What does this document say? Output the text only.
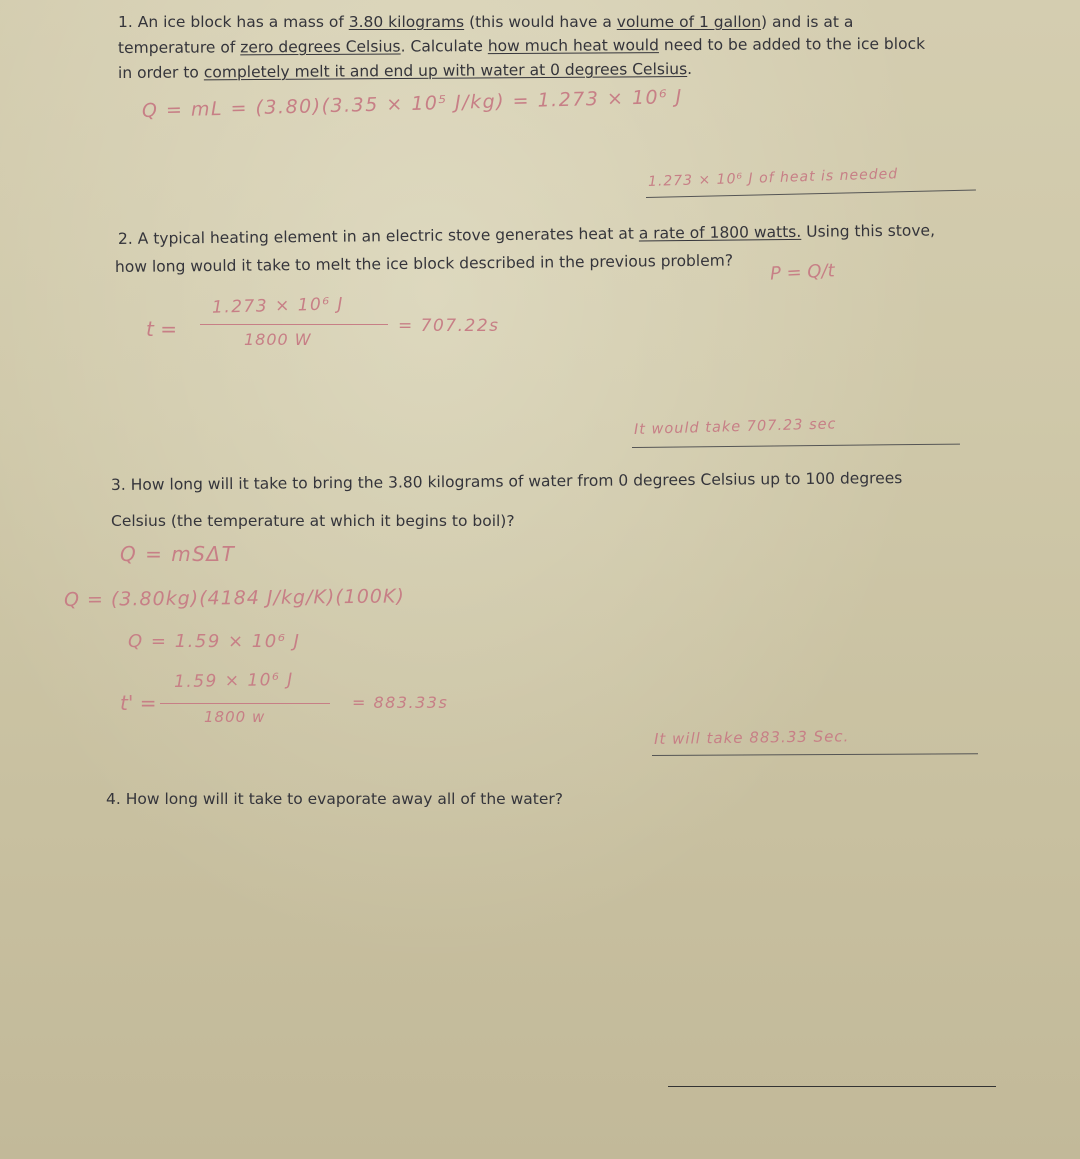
1. An ice block has a mass of 3.80 kilograms (this would have a volume of 1 gallon) and is at a
temperature of zero degrees Celsius. Calculate how much heat would need to be added to the ice block
in order to completely melt it and end up with water at 0 degrees Celsius.
Q = mL = (3.80)(3.35 × 10⁵ J/kg) = 1.273 × 10⁶ J
1.273 × 10⁶ J of heat is needed
2. A typical heating element in an electric stove generates heat at a rate of 1800 watts. Using this stove,
how long would it take to melt the ice block described in the previous problem? P = Q/t
t =
1.273 × 10⁶ J
1800 W
= 707.22s
It would take 707.23 sec
3. How long will it take to bring the 3.80 kilograms of water from 0 degrees Celsius up to 100 degrees
Celsius (the temperature at which it begins to boil)?
Q = mSΔT
Q = (3.80kg)(4184 J/kg/K)(100K)
Q = 1.59 × 10⁶ J
t' =
1.59 × 10⁶ J
1800 w
= 883.33s
It will take 883.33 Sec.
4. How long will it take to evaporate away all of the water?
